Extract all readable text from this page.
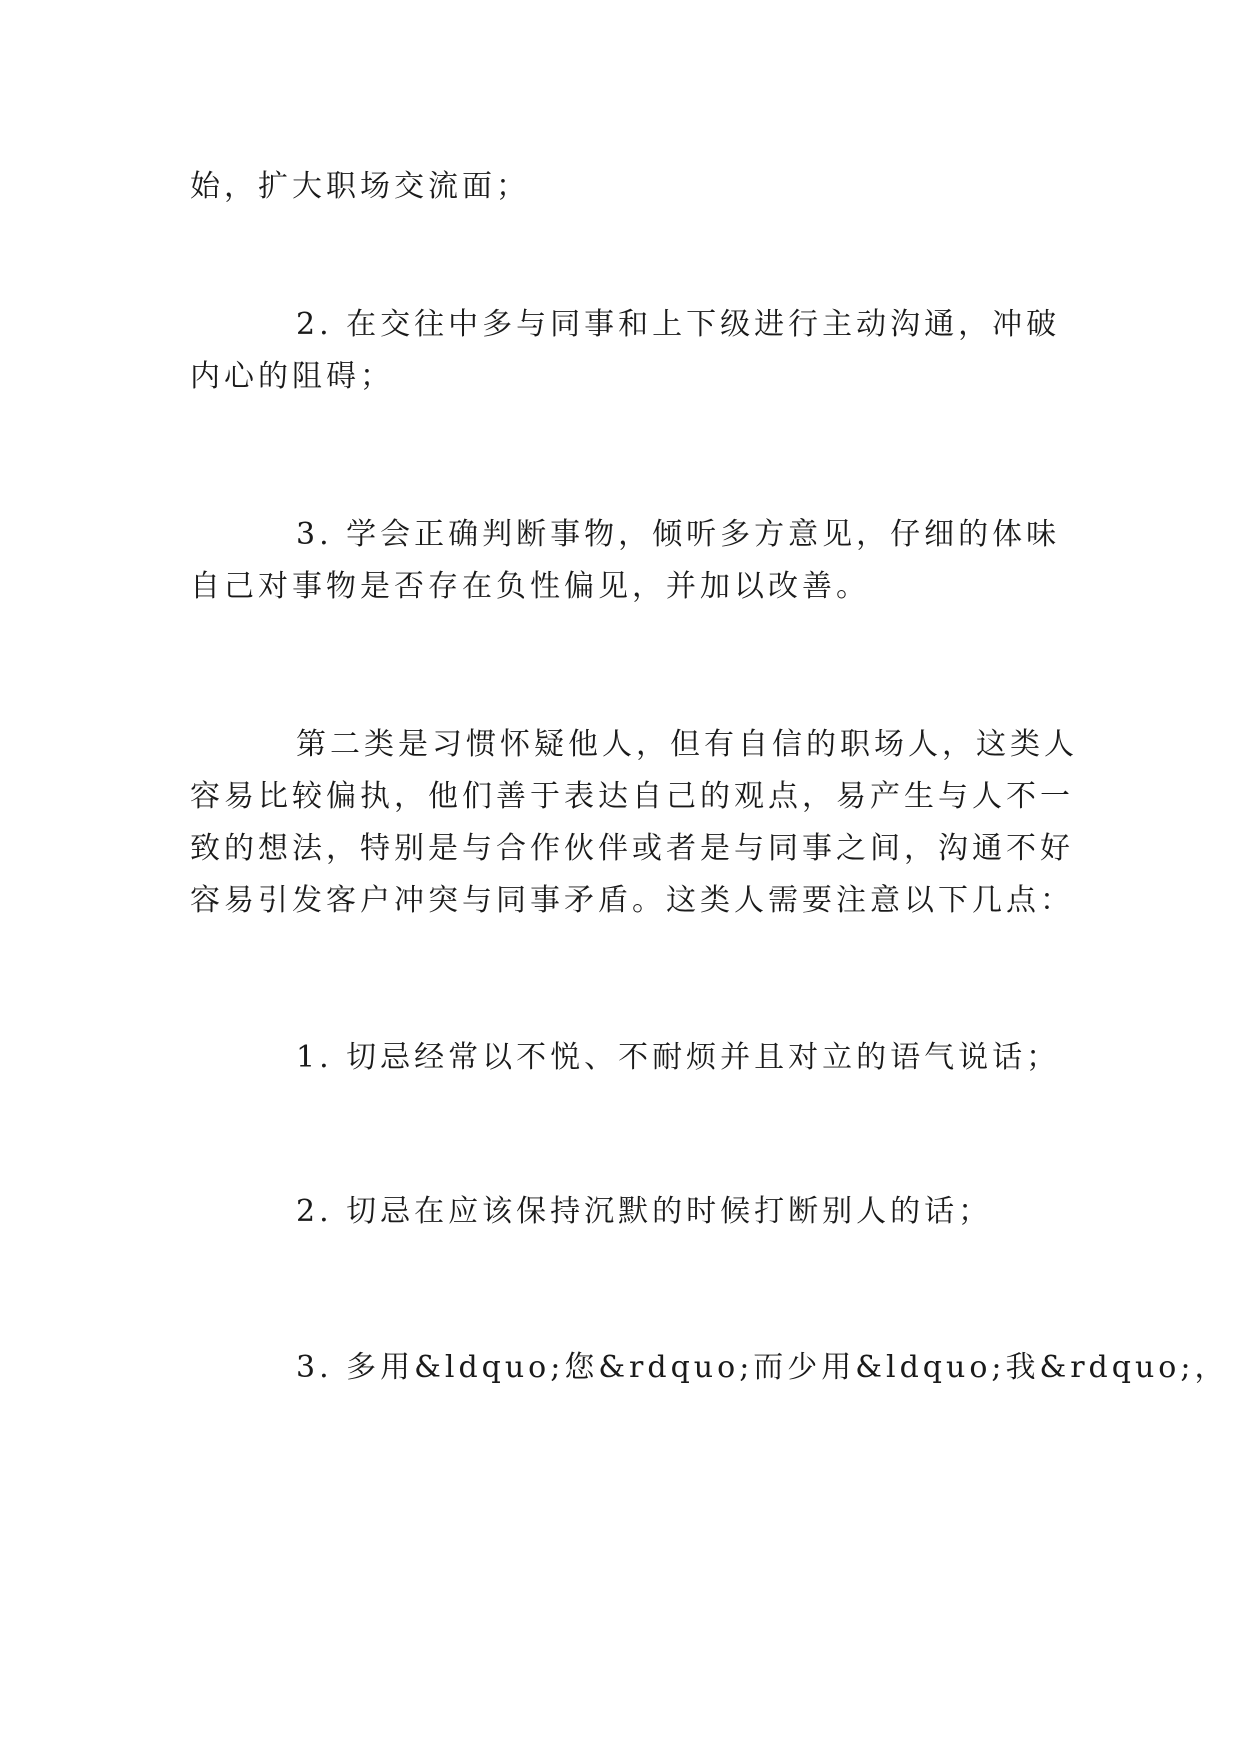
始，扩大职场交流面；
2. 在交往中多与同事和上下级进行主动沟通，冲破
内心的阻碍；
3. 学会正确判断事物，倾听多方意见，仔细的体味
自己对事物是否存在负性偏见，并加以改善。
第二类是习惯怀疑他人，但有自信的职场人，这类人
容易比较偏执，他们善于表达自己的观点，易产生与人不一
致的想法，特别是与合作伙伴或者是与同事之间，沟通不好
容易引发客户冲突与同事矛盾。这类人需要注意以下几点：
1. 切忌经常以不悦、不耐烦并且对立的语气说话；
2. 切忌在应该保持沉默的时候打断别人的话；
3. 多用&ldquo;您&rdquo;而少用&ldquo;我&rdquo;，
